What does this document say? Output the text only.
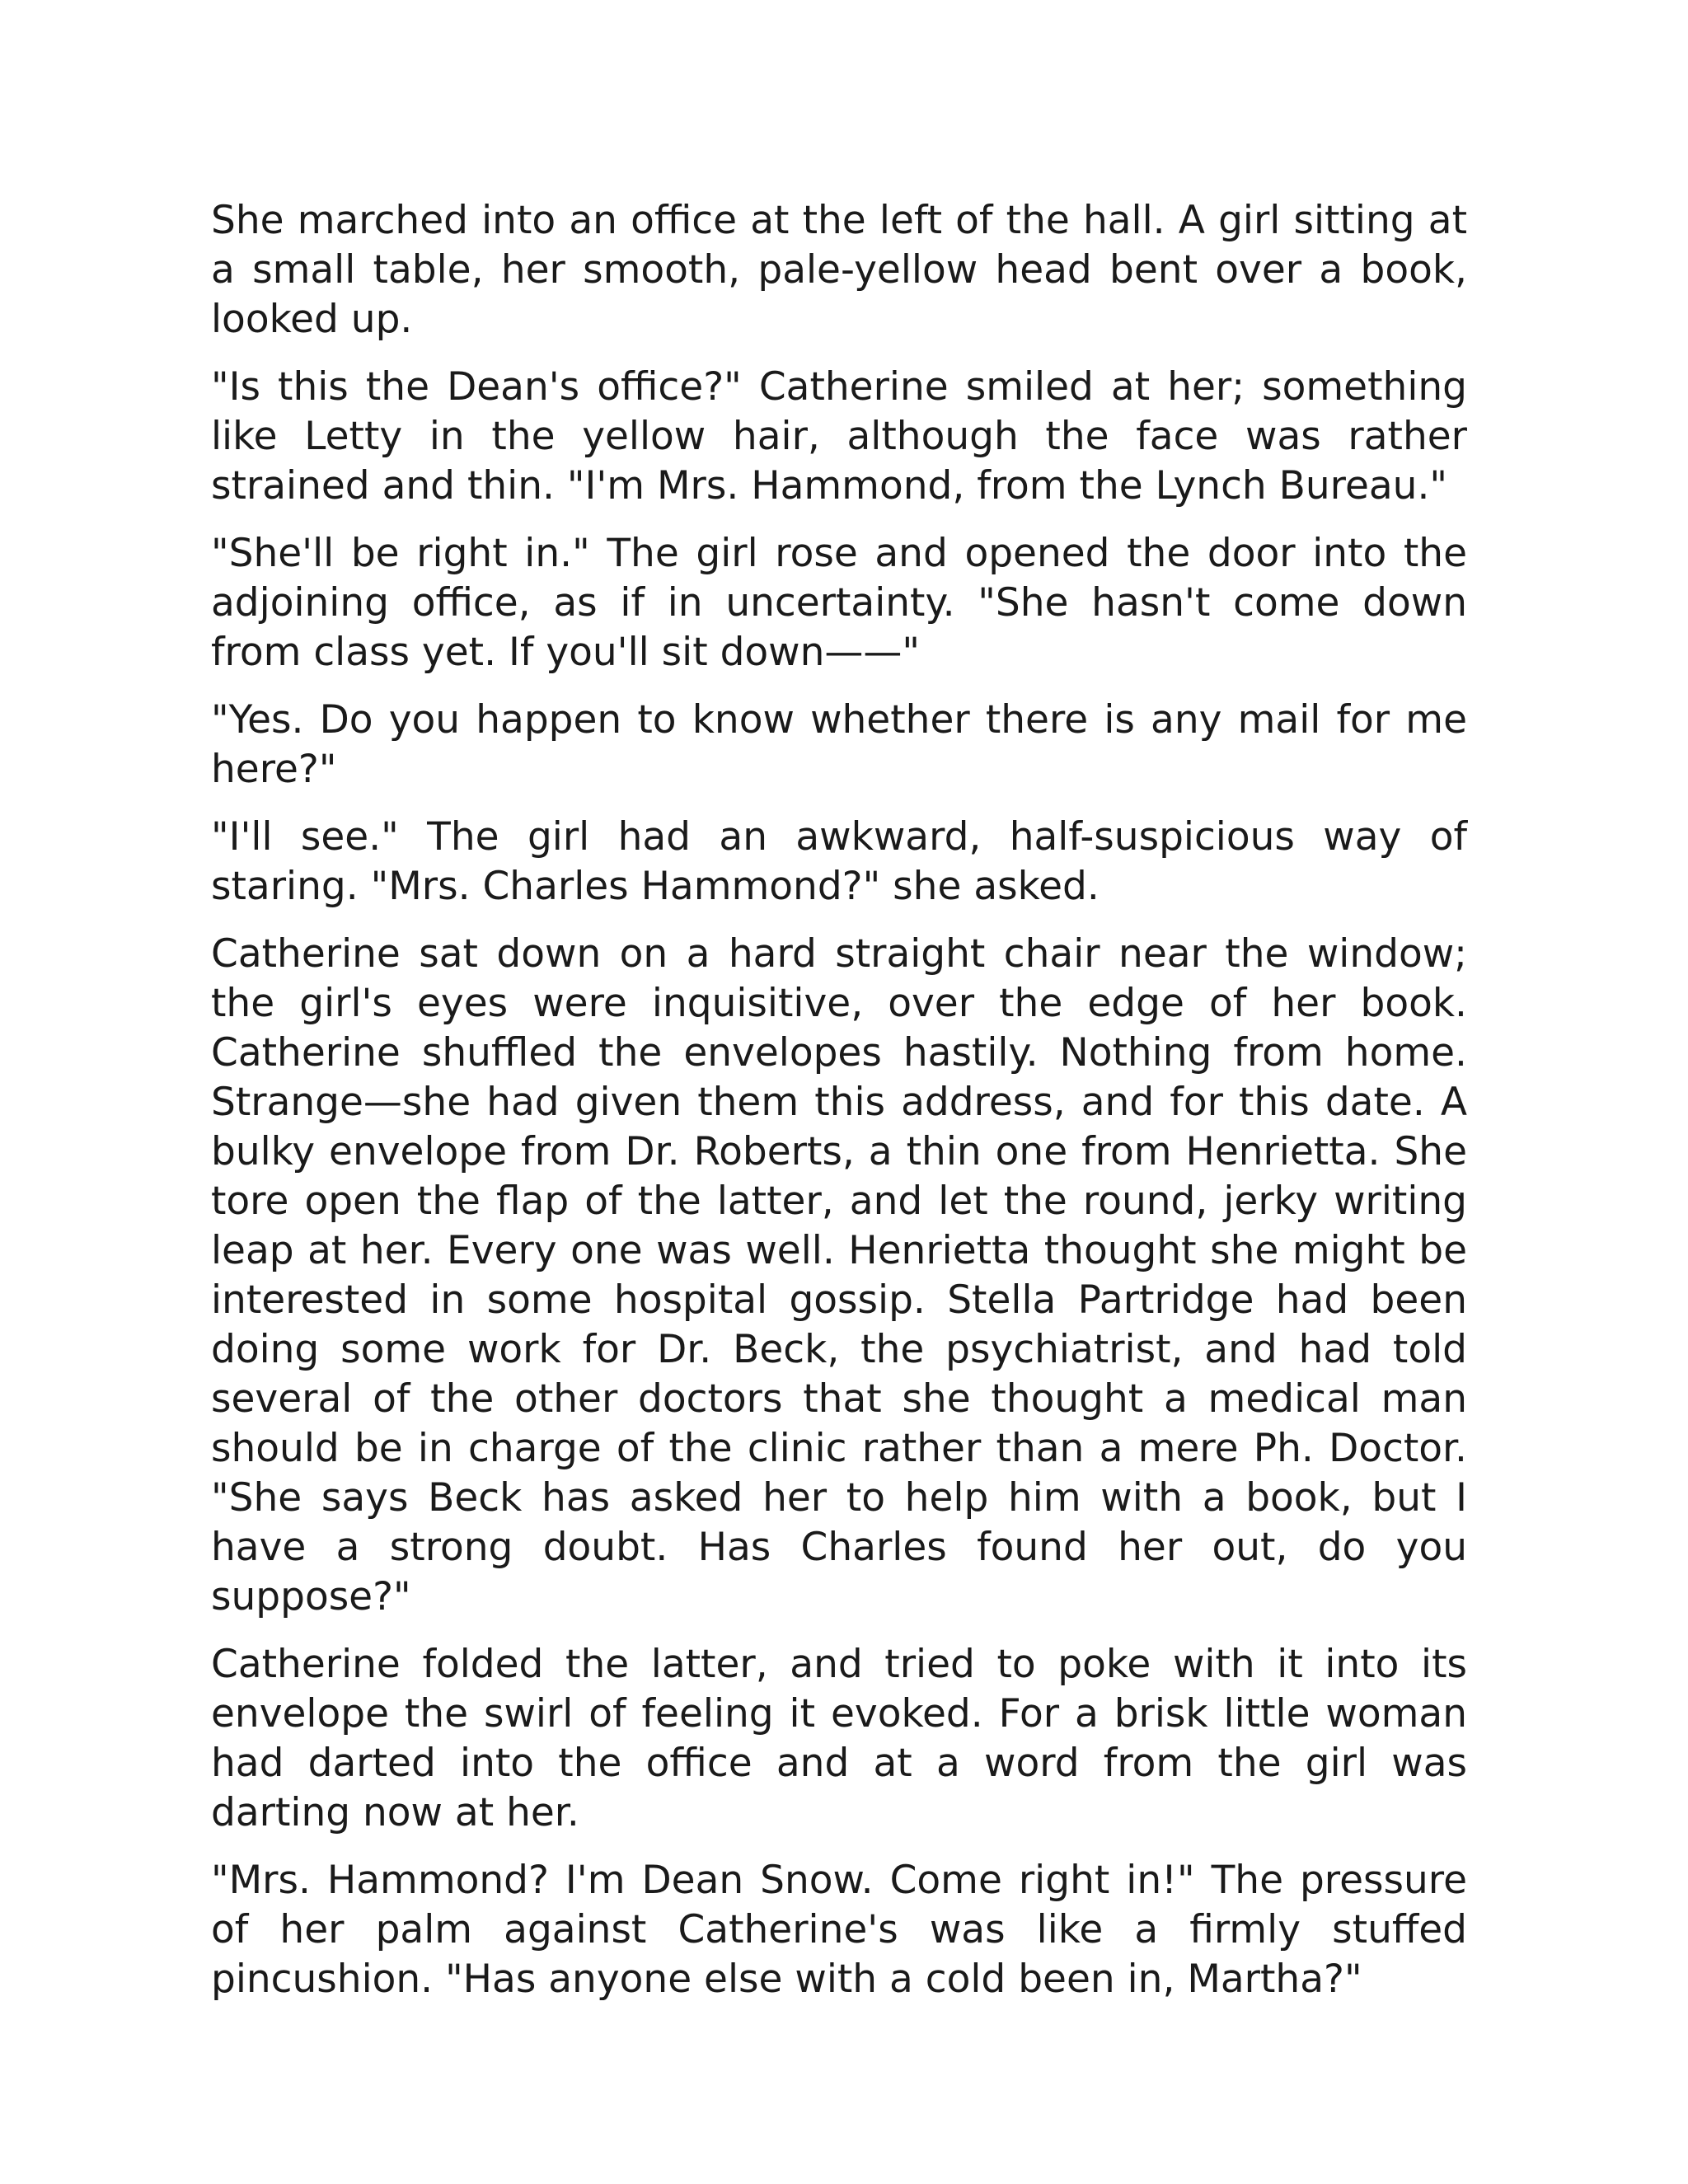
She marched into an office at the left of the hall. A girl sitting at a small table, her smooth, pale-yellow head bent over a book, looked up.

"Is this the Dean's office?" Catherine smiled at her; something like Letty in the yellow hair, although the face was rather strained and thin. "I'm Mrs. Hammond, from the Lynch Bureau."

"She'll be right in." The girl rose and opened the door into the adjoining office, as if in uncertainty. "She hasn't come down from class yet. If you'll sit down——"

"Yes. Do you happen to know whether there is any mail for me here?"

"I'll see." The girl had an awkward, half-suspicious way of staring. "Mrs. Charles Hammond?" she asked.

Catherine sat down on a hard straight chair near the window; the girl's eyes were inquisitive, over the edge of her book. Catherine shuffled the envelopes hastily. Nothing from home. Strange—she had given them this address, and for this date. A bulky envelope from Dr. Roberts, a thin one from Henrietta. She tore open the flap of the latter, and let the round, jerky writing leap at her. Every one was well. Henrietta thought she might be interested in some hospital gossip. Stella Partridge had been doing some work for Dr. Beck, the psychiatrist, and had told several of the other doctors that she thought a medical man should be in charge of the clinic rather than a mere Ph. Doctor. "She says Beck has asked her to help him with a book, but I have a strong doubt. Has Charles found her out, do you suppose?"

Catherine folded the latter, and tried to poke with it into its envelope the swirl of feeling it evoked. For a brisk little woman had darted into the office and at a word from the girl was darting now at her.

"Mrs. Hammond? I'm Dean Snow. Come right in!" The pressure of her palm against Catherine's was like a firmly stuffed pincushion. "Has anyone else with a cold been in, Martha?"
